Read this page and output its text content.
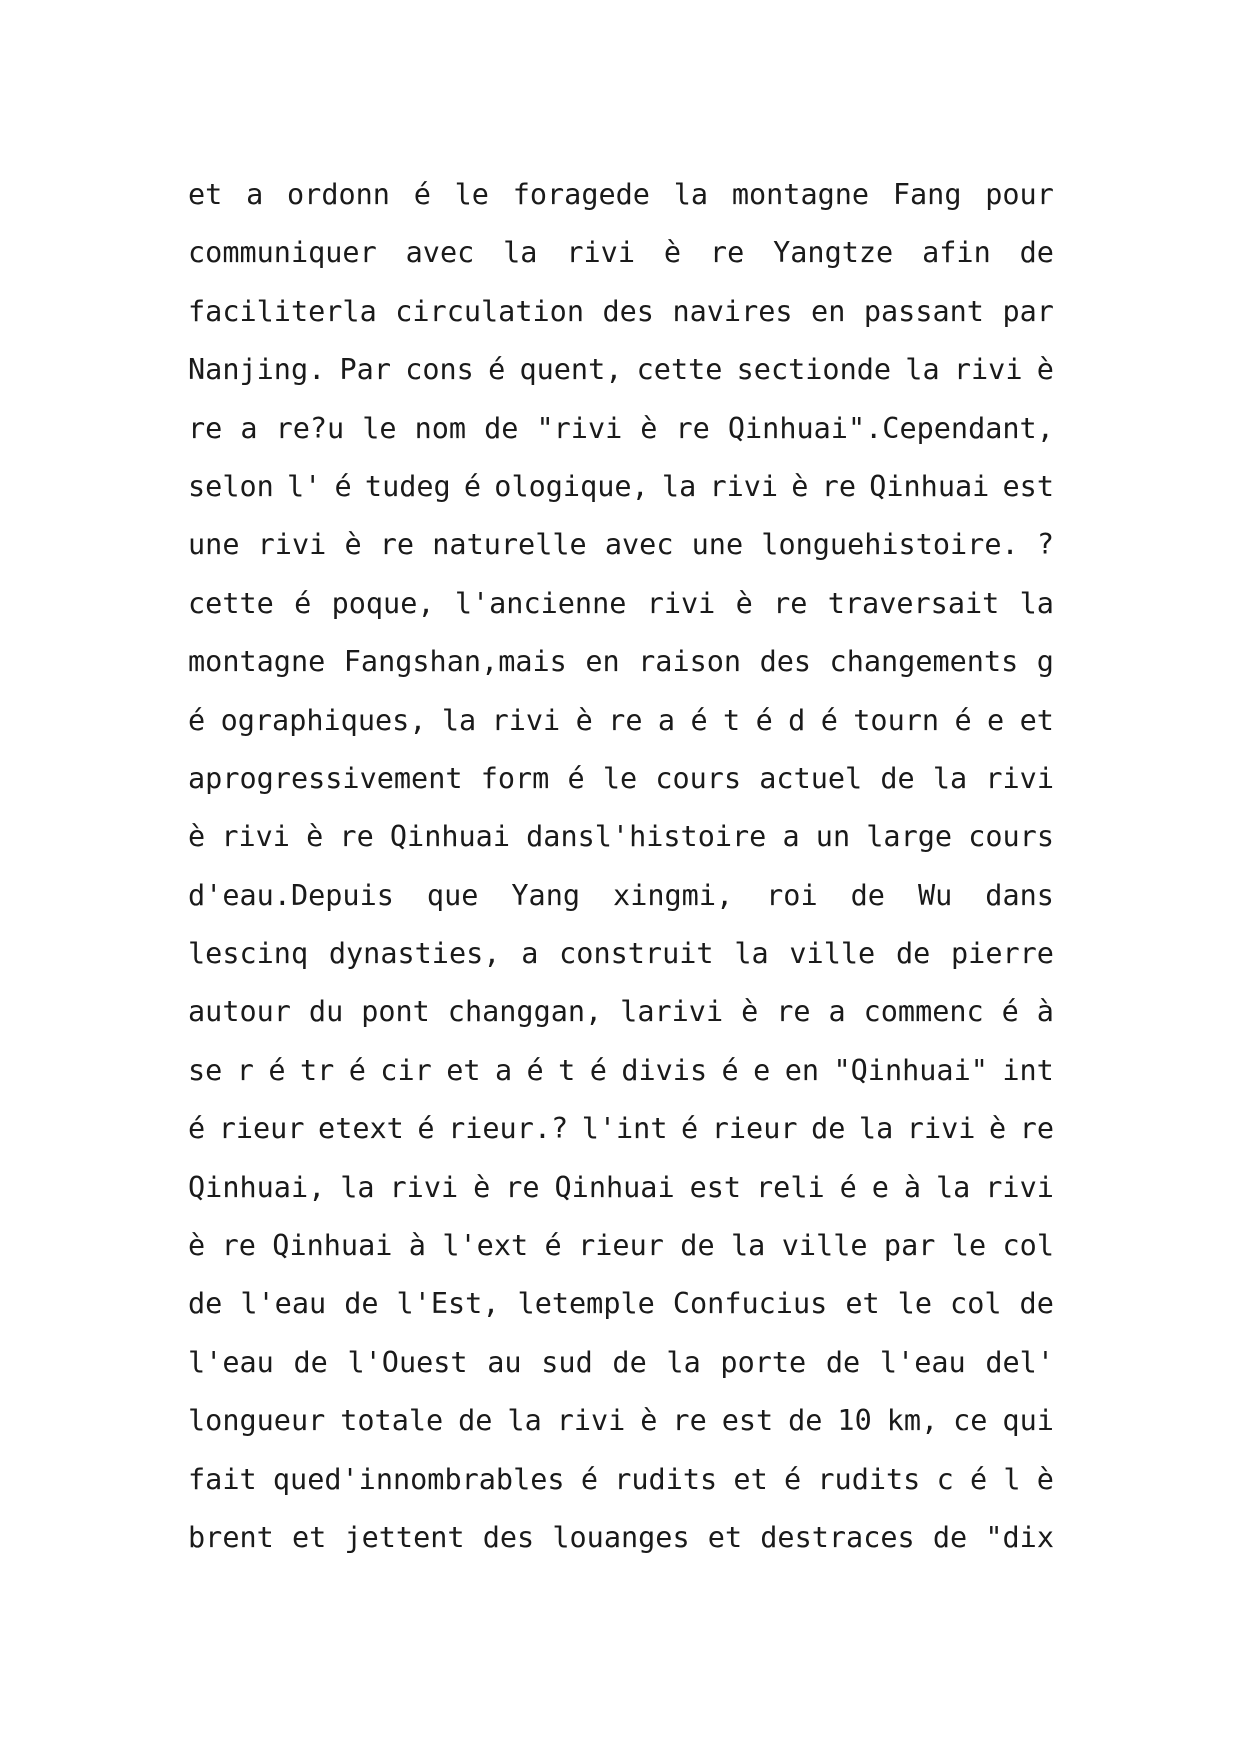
et a ordonn é le foragede la montagne Fang pour
communiquer avec la rivi è re Yangtze afin de
faciliterla circulation des navires en passant par
Nanjing. Par cons é quent, cette sectionde la rivi è
re a re?u le nom de "rivi è re Qinhuai".Cependant,
selon l' é tudeg é ologique, la rivi è re Qinhuai est
une rivi è re naturelle avec une longuehistoire. ?
cette é poque, l'ancienne rivi è re traversait la
montagne Fangshan,mais en raison des changements g
é ographiques, la rivi è re a é t é d é tourn é e et
aprogressivement form é le cours actuel de la rivi
è rivi è re Qinhuai dansl'histoire a un large cours
d'eau.Depuis que Yang xingmi, roi de Wu dans
lescinq dynasties, a construit la ville de pierre
autour du pont changgan, larivi è re a commenc é à
se r é tr é cir et a é t é divis é e en "Qinhuai" int
é rieur etext é rieur.? l'int é rieur de la rivi è re
Qinhuai, la rivi è re Qinhuai est reli é e à la rivi
è re Qinhuai à l'ext é rieur de la ville par le col
de l'eau de l'Est, letemple Confucius et le col de
l'eau de l'Ouest au sud de la porte de l'eau del'
longueur totale de la rivi è re est de 10 km, ce qui
fait qued'innombrables é rudits et é rudits c é l è
brent et jettent des louanges et destraces de "dix
